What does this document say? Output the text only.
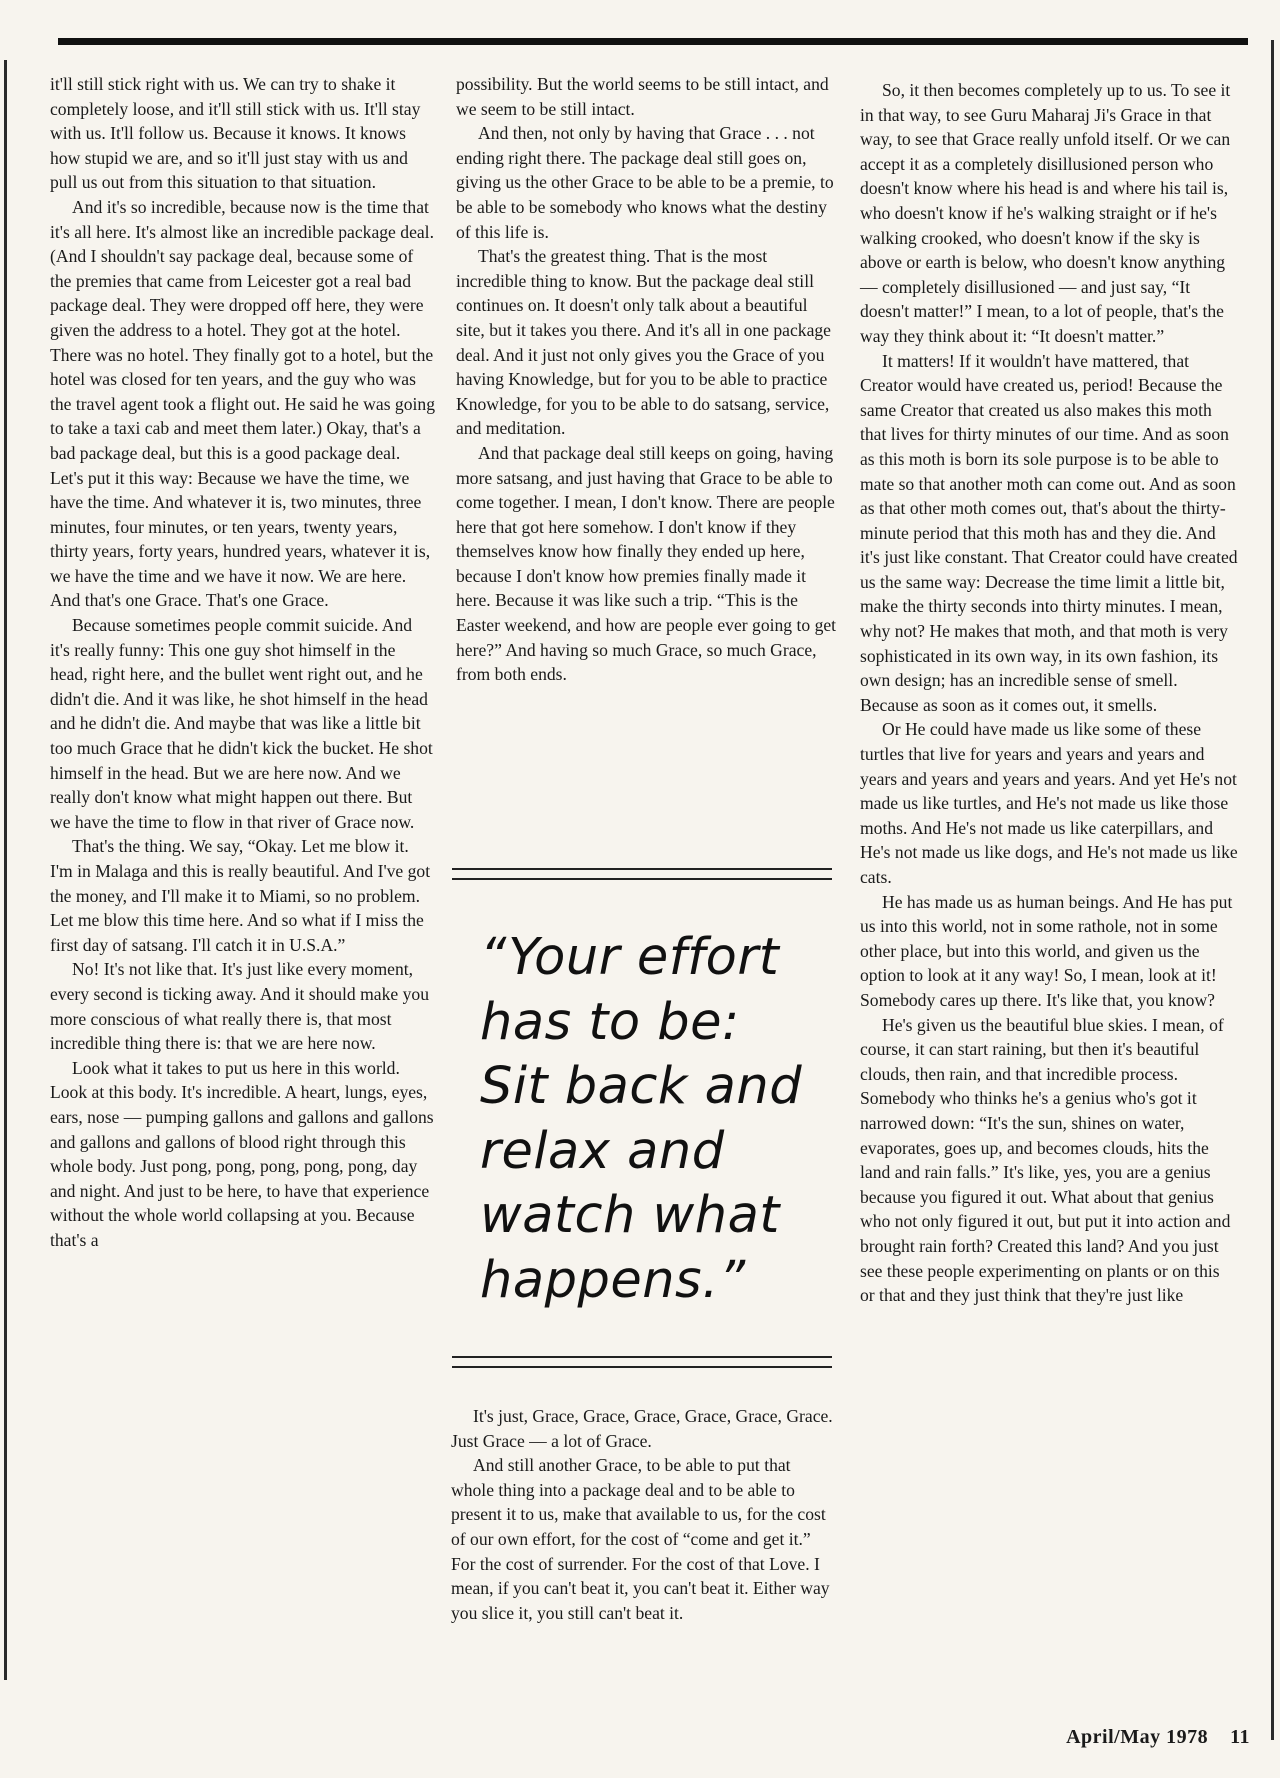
it'll still stick right with us. We can try to shake it completely loose, and it'll still stick with us. It'll stay with us. It'll follow us. Because it knows. It knows how stupid we are, and so it'll just stay with us and pull us out from this situation to that situation.

And it's so incredible, because now is the time that it's all here. It's almost like an incredible package deal. (And I shouldn't say package deal, because some of the premies that came from Leicester got a real bad package deal. They were dropped off here, they were given the address to a hotel. They got at the hotel. There was no hotel. They finally got to a hotel, but the hotel was closed for ten years, and the guy who was the travel agent took a flight out. He said he was going to take a taxi cab and meet them later.) Okay, that's a bad package deal, but this is a good package deal. Let's put it this way: Because we have the time, we have the time. And whatever it is, two minutes, three minutes, four minutes, or ten years, twenty years, thirty years, forty years, hundred years, whatever it is, we have the time and we have it now. We are here. And that's one Grace. That's one Grace.

Because sometimes people commit suicide. And it's really funny: This one guy shot himself in the head, right here, and the bullet went right out, and he didn't die. And it was like, he shot himself in the head and he didn't die. And maybe that was like a little bit too much Grace that he didn't kick the bucket. He shot himself in the head. But we are here now. And we really don't know what might happen out there. But we have the time to flow in that river of Grace now.

That's the thing. We say, “Okay. Let me blow it. I'm in Malaga and this is really beautiful. And I've got the money, and I'll make it to Miami, so no problem. Let me blow this time here. And so what if I miss the first day of satsang. I'll catch it in U.S.A.”

No! It's not like that. It's just like every moment, every second is ticking away. And it should make you more conscious of what really there is, that most incredible thing there is: that we are here now.

Look what it takes to put us here in this world. Look at this body. It's incredible. A heart, lungs, eyes, ears, nose — pumping gallons and gallons and gallons and gallons and gallons of blood right through this whole body. Just pong, pong, pong, pong, pong, day and night. And just to be here, to have that experience without the whole world collapsing at you. Because that's a

possibility. But the world seems to be still intact, and we seem to be still intact.

And then, not only by having that Grace . . . not ending right there. The package deal still goes on, giving us the other Grace to be able to be a premie, to be able to be somebody who knows what the destiny of this life is.

That's the greatest thing. That is the most incredible thing to know. But the package deal still continues on. It doesn't only talk about a beautiful site, but it takes you there. And it's all in one package deal. And it just not only gives you the Grace of you having Knowledge, but for you to be able to practice Knowledge, for you to be able to do satsang, service, and meditation.

And that package deal still keeps on going, having more satsang, and just having that Grace to be able to come together. I mean, I don't know. There are people here that got here somehow. I don't know if they themselves know how finally they ended up here, because I don't know how premies finally made it here. Because it was like such a trip. “This is the Easter weekend, and how are people ever going to get here?” And having so much Grace, so much Grace, from both ends.

“Your effort
has to be:
Sit back and
relax and
watch what
happens.”

It's just, Grace, Grace, Grace, Grace, Grace, Grace. Just Grace — a lot of Grace.

And still another Grace, to be able to put that whole thing into a package deal and to be able to present it to us, make that available to us, for the cost of our own effort, for the cost of “come and get it.” For the cost of surrender. For the cost of that Love. I mean, if you can't beat it, you can't beat it. Either way you slice it, you still can't beat it.

So, it then becomes completely up to us. To see it in that way, to see Guru Maharaj Ji's Grace in that way, to see that Grace really unfold itself. Or we can accept it as a completely disillusioned person who doesn't know where his head is and where his tail is, who doesn't know if he's walking straight or if he's walking crooked, who doesn't know if the sky is above or earth is below, who doesn't know anything — completely disillusioned — and just say, “It doesn't matter!” I mean, to a lot of people, that's the way they think about it: “It doesn't matter.”

It matters! If it wouldn't have mattered, that Creator would have created us, period! Because the same Creator that created us also makes this moth that lives for thirty minutes of our time. And as soon as this moth is born its sole purpose is to be able to mate so that another moth can come out. And as soon as that other moth comes out, that's about the thirty-minute period that this moth has and they die. And it's just like constant. That Creator could have created us the same way: Decrease the time limit a little bit, make the thirty seconds into thirty minutes. I mean, why not? He makes that moth, and that moth is very sophisticated in its own way, in its own fashion, its own design; has an incredible sense of smell. Because as soon as it comes out, it smells.

Or He could have made us like some of these turtles that live for years and years and years and years and years and years and years. And yet He's not made us like turtles, and He's not made us like those moths. And He's not made us like caterpillars, and He's not made us like dogs, and He's not made us like cats.

He has made us as human beings. And He has put us into this world, not in some rathole, not in some other place, but into this world, and given us the option to look at it any way! So, I mean, look at it! Somebody cares up there. It's like that, you know?

He's given us the beautiful blue skies. I mean, of course, it can start raining, but then it's beautiful clouds, then rain, and that incredible process. Somebody who thinks he's a genius who's got it narrowed down: “It's the sun, shines on water, evaporates, goes up, and becomes clouds, hits the land and rain falls.” It's like, yes, you are a genius because you figured it out. What about that genius who not only figured it out, but put it into action and brought rain forth? Created this land? And you just see these people experimenting on plants or on this or that and they just think that they're just like

April/May 1978 11
